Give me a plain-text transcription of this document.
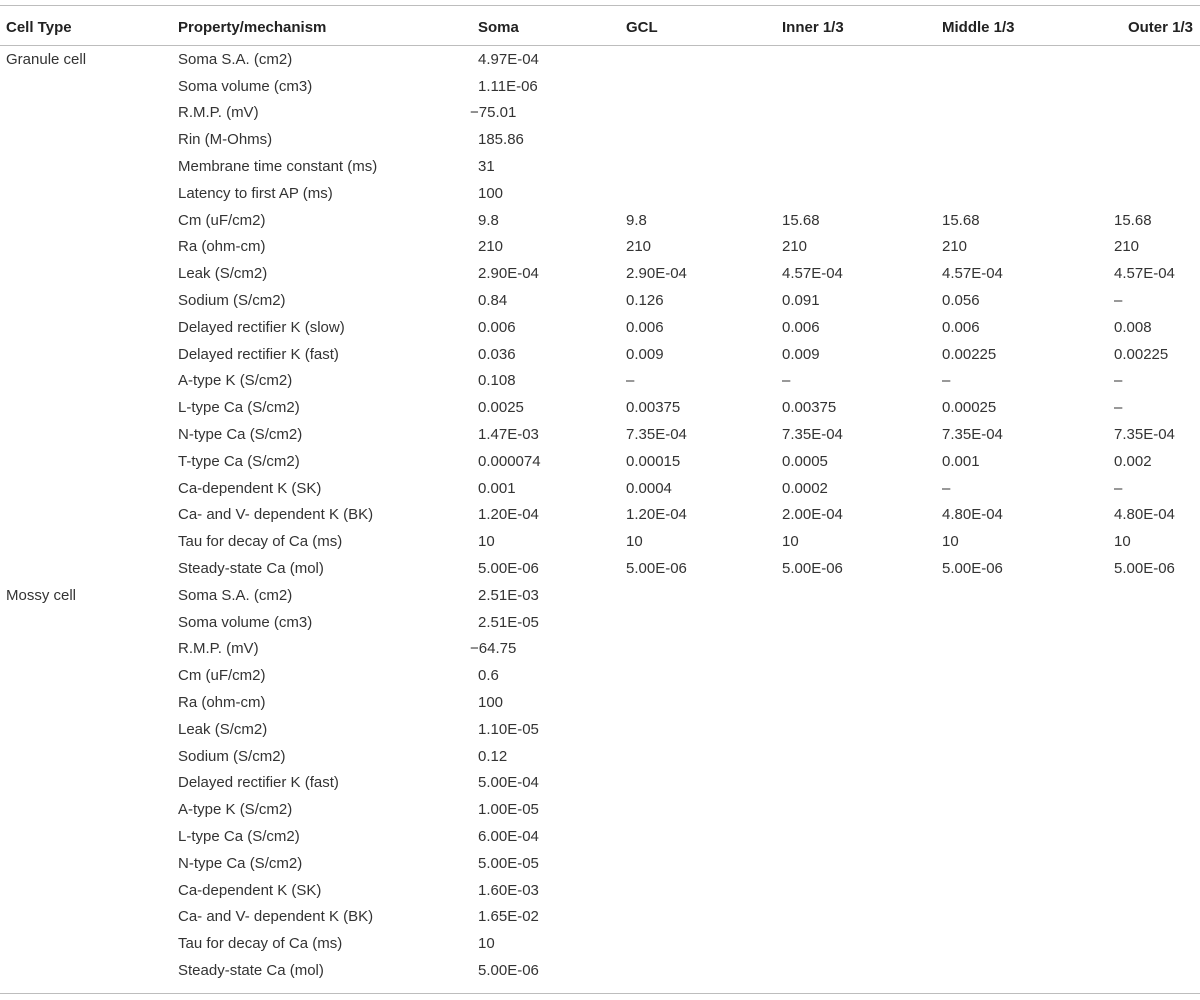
Cell Type	Property/mechanism	Soma	GCL	Inner 1/3	Middle 1/3	Outer 1/3
Granule cell	Soma S.A. (cm2)	4.97E-04				
	Soma volume (cm3)	1.11E-06				
	R.M.P. (mV)	−75.01				
	Rin (M-Ohms)	185.86				
	Membrane time constant (ms)	31				
	Latency to first AP (ms)	100				
	Cm (uF/cm2)	9.8	9.8	15.68	15.68	15.68
	Ra (ohm-cm)	210	210	210	210	210
	Leak (S/cm2)	2.90E-04	2.90E-04	4.57E-04	4.57E-04	4.57E-04
	Sodium (S/cm2)	0.84	0.126	0.091	0.056	–
	Delayed rectifier K (slow)	0.006	0.006	0.006	0.006	0.008
	Delayed rectifier K (fast)	0.036	0.009	0.009	0.00225	0.00225
	A-type K (S/cm2)	0.108	–	–	–	–
	L-type Ca (S/cm2)	0.0025	0.00375	0.00375	0.00025	–
	N-type Ca (S/cm2)	1.47E-03	7.35E-04	7.35E-04	7.35E-04	7.35E-04
	T-type Ca (S/cm2)	0.000074	0.00015	0.0005	0.001	0.002
	Ca-dependent K (SK)	0.001	0.0004	0.0002	–	–
	Ca- and V- dependent K (BK)	1.20E-04	1.20E-04	2.00E-04	4.80E-04	4.80E-04
	Tau for decay of Ca (ms)	10	10	10	10	10
	Steady-state Ca (mol)	5.00E-06	5.00E-06	5.00E-06	5.00E-06	5.00E-06
Mossy cell	Soma S.A. (cm2)	2.51E-03				
	Soma volume (cm3)	2.51E-05				
	R.M.P. (mV)	−64.75				
	Cm (uF/cm2)	0.6				
	Ra (ohm-cm)	100				
	Leak (S/cm2)	1.10E-05				
	Sodium (S/cm2)	0.12				
	Delayed rectifier K (fast)	5.00E-04				
	A-type K (S/cm2)	1.00E-05				
	L-type Ca (S/cm2)	6.00E-04				
	N-type Ca (S/cm2)	5.00E-05				
	Ca-dependent K (SK)	1.60E-03				
	Ca- and V- dependent K (BK)	1.65E-02				
	Tau for decay of Ca (ms)	10				
	Steady-state Ca (mol)	5.00E-06				
